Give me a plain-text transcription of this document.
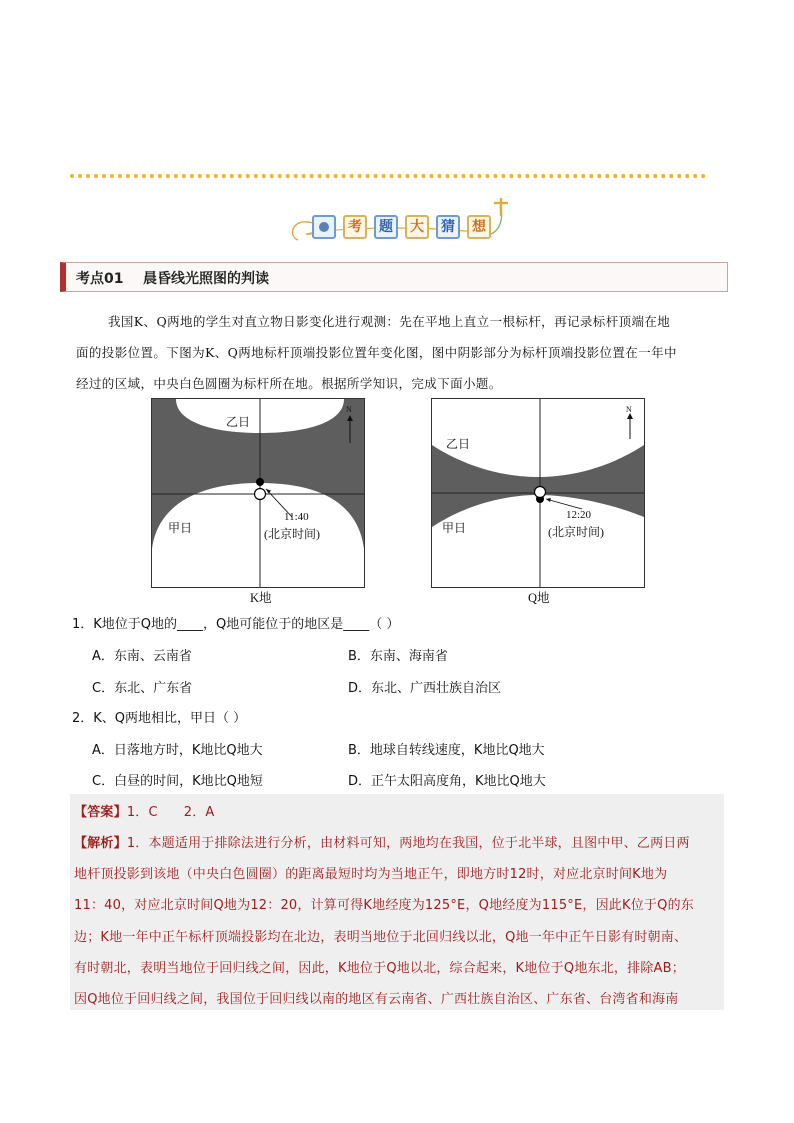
考	题	大	猜	想
考点01    晨昏线光照图的判读
我国K、Q两地的学生对直立物日影变化进行观测：先在平地上直立一根标杆，再记录标杆顶端在地
面的投影位置。下图为K、Q两地标杆顶端投影位置年变化图，图中阴影部分为标杆顶端投影位置在一年中
经过的区域，中央白色圆圈为标杆所在地。根据所学知识，完成下面小题。
N
乙日
甲日
11:40
(北京时间)
K地
N
乙日
甲日
12:20
(北京时间)
Q地
1．K地位于Q地的____，Q地可能位于的地区是____（ ）
A．东南、云南省	B．东南、海南省
C．东北、广东省	D．东北、广西壮族自治区
2．K、Q两地相比，甲日（ ）
A．日落地方时，K地比Q地大	B．地球自转线速度，K地比Q地大
C．白昼的时间，K地比Q地短	D．正午太阳高度角，K地比Q地大
【答案】1．C      2．A
【解析】1．本题适用于排除法进行分析，由材料可知，两地均在我国，位于北半球，且图中甲、乙两日两
地杆顶投影到该地（中央白色圆圈）的距离最短时均为当地正午，即地方时12时，对应北京时间K地为
11：40，对应北京时间Q地为12：20，计算可得K地经度为125°E，Q地经度为115°E，因此K位于Q的东
边；K地一年中正午标杆顶端投影均在北边，表明当地位于北回归线以北，Q地一年中正午日影有时朝南、
有时朝北，表明当地位于回归线之间，因此，K地位于Q地以北，综合起来，K地位于Q地东北，排除AB；
因Q地位于回归线之间，我国位于回归线以南的地区有云南省、广西壮族自治区、广东省、台湾省和海南
